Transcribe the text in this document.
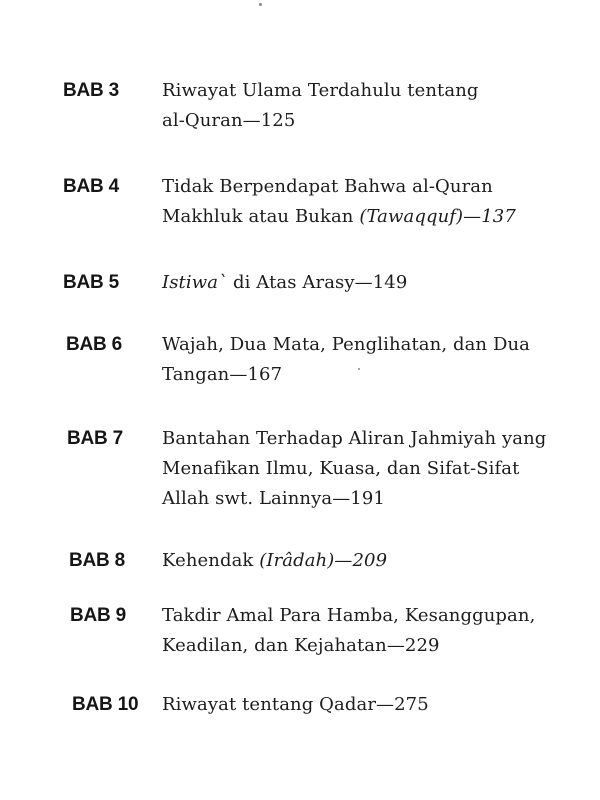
BAB 3 Riwayat Ulama Terdahulu tentang
al-Quran—125
BAB 4 Tidak Berpendapat Bahwa al-Quran
Makhluk atau Bukan (Tawaqquf)—137
BAB 5 Istiwa` di Atas Arasy—149
BAB 6 Wajah, Dua Mata, Penglihatan, dan Dua
Tangan—167
BAB 7 Bantahan Terhadap Aliran Jahmiyah yang
Menafikan Ilmu, Kuasa, dan Sifat-Sifat
Allah swt. Lainnya—191
BAB 8 Kehendak (Irâdah)—209
BAB 9 Takdir Amal Para Hamba, Kesanggupan,
Keadilan, dan Kejahatan—229
BAB 10 Riwayat tentang Qadar—275
